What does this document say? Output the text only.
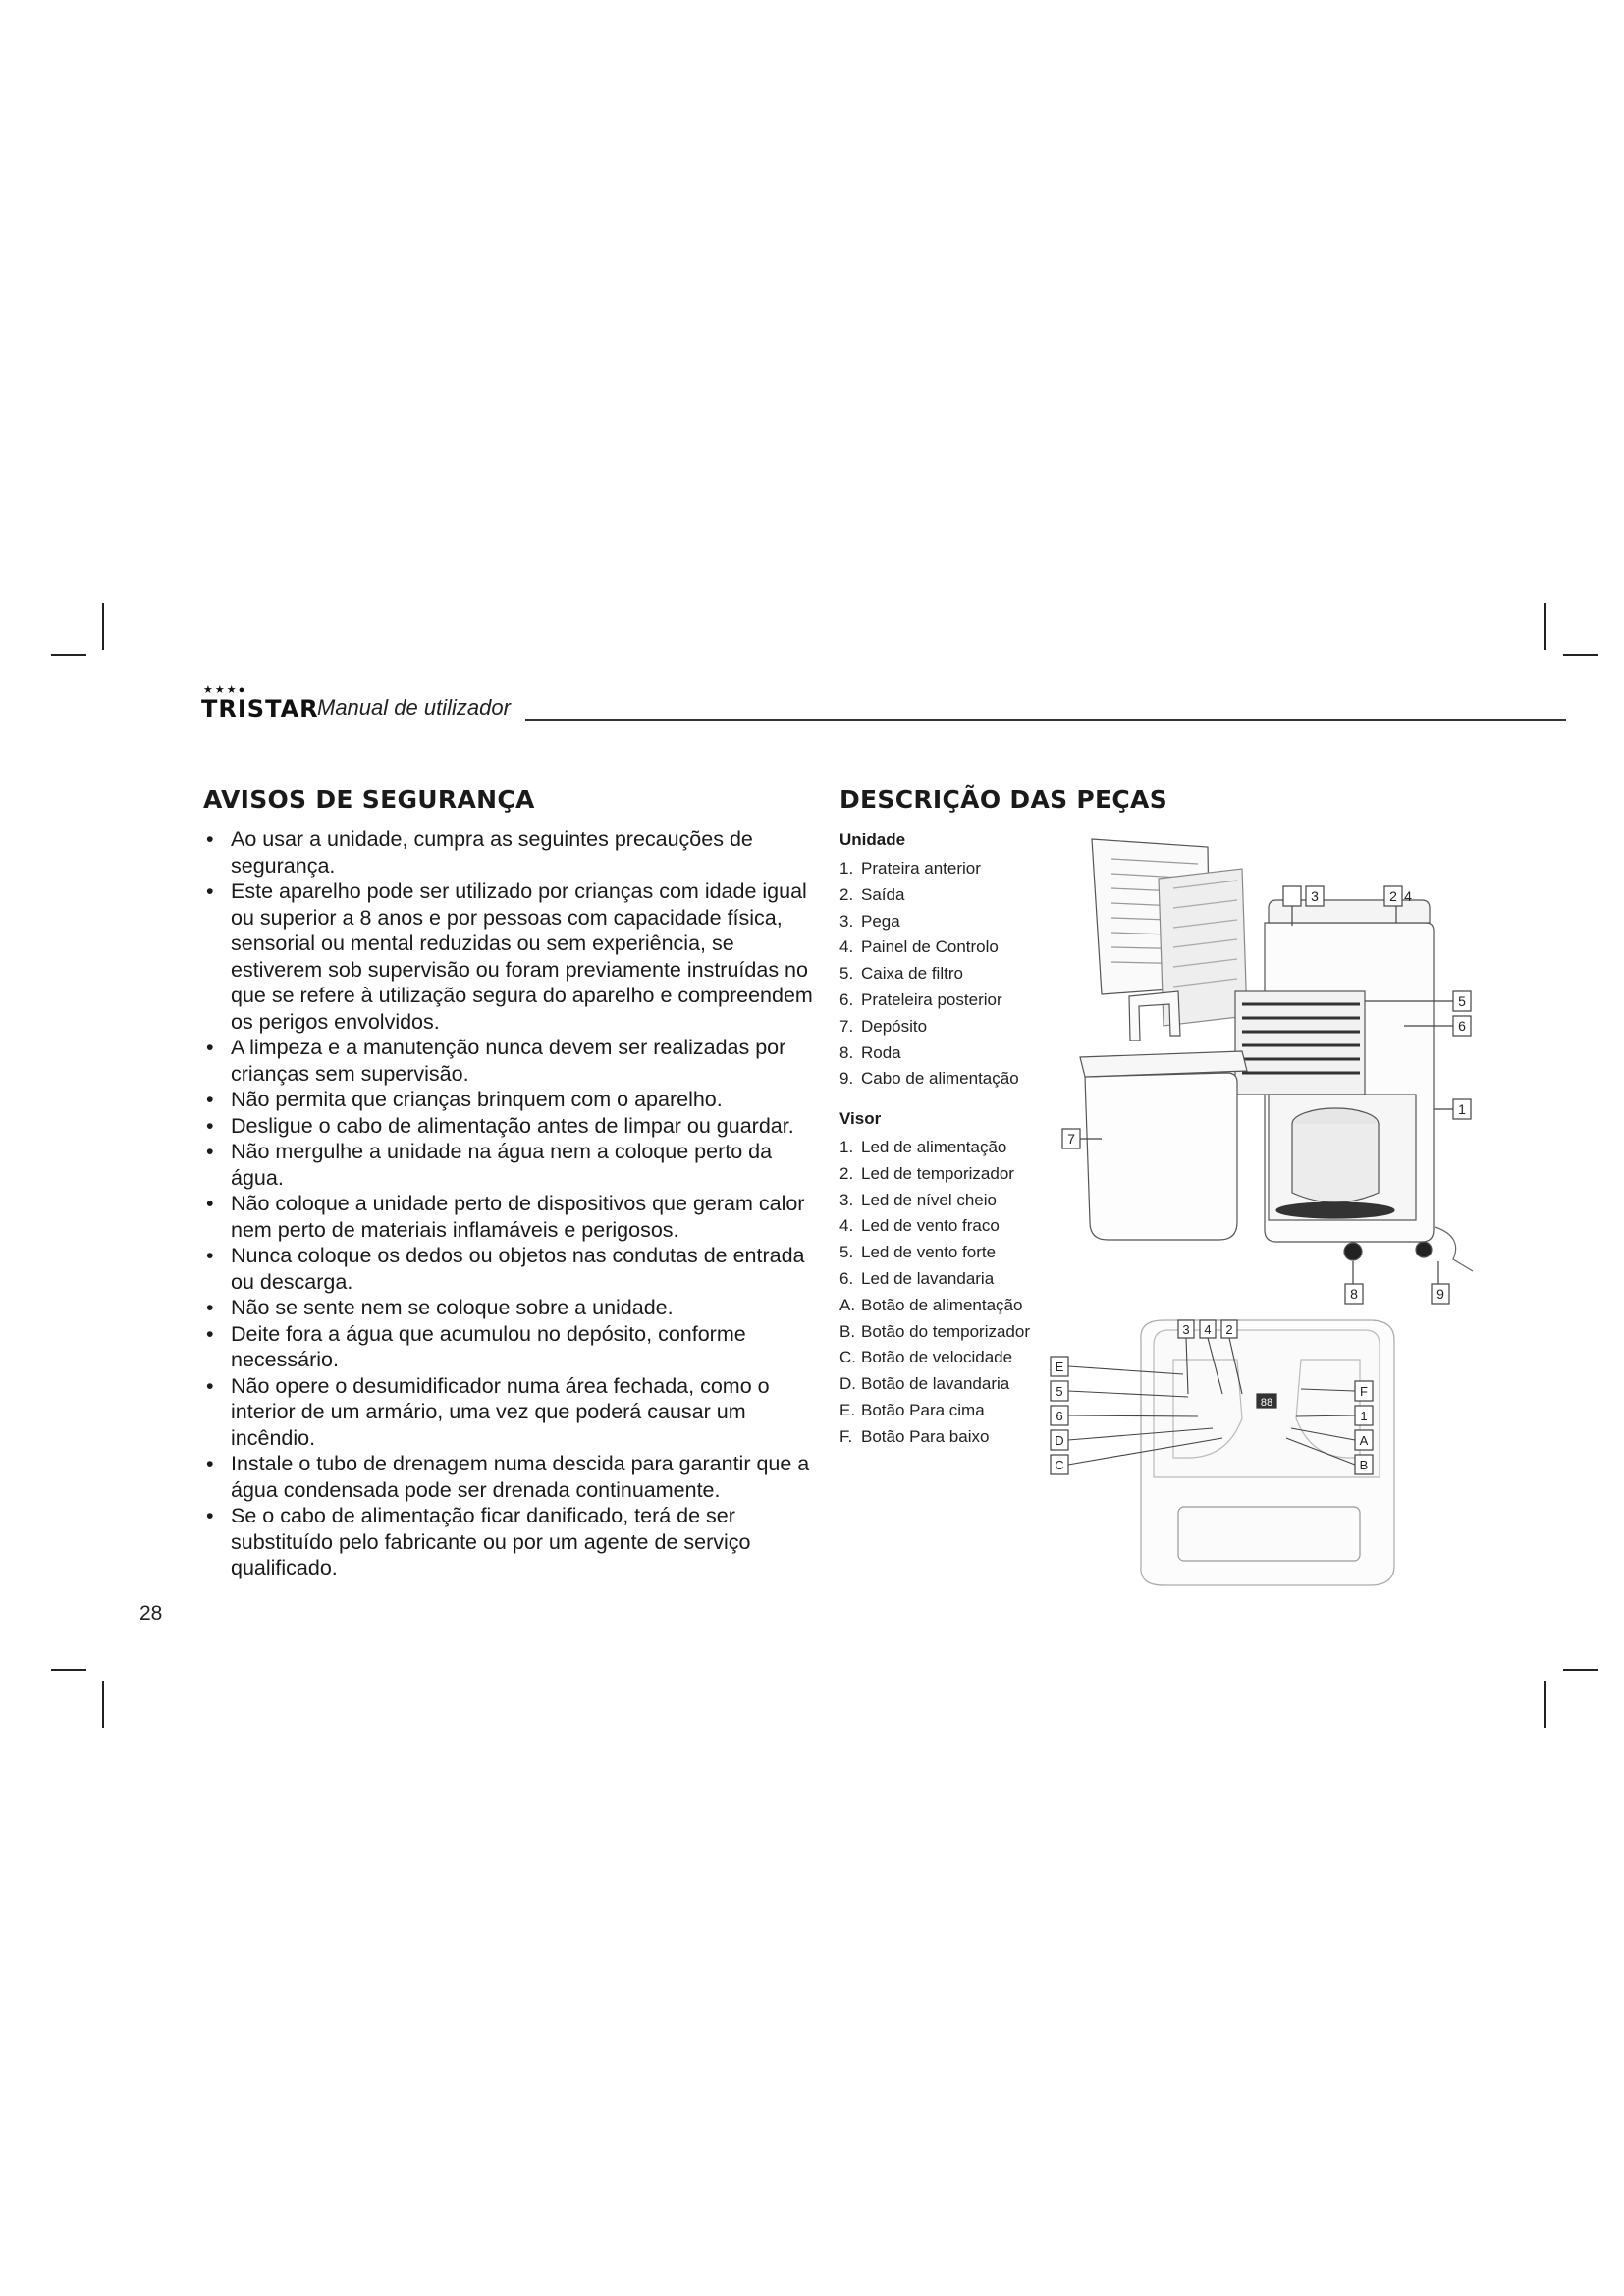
★★★●
TRISTAR
Manual de utilizador
AVISOS DE SEGURANÇA
• Ao usar a unidade, cumpra as seguintes precauções de segurança.
• Este aparelho pode ser utilizado por crianças com idade igual ou superior a 8 anos e por pessoas com capacidade física, sensorial ou mental reduzidas ou sem experiência, se estiverem sob supervisão ou foram previamente instruídas no que se refere à utilização segura do aparelho e compreendem os perigos envolvidos.
• A limpeza e a manutenção nunca devem ser realizadas por crianças sem supervisão.
• Não permita que crianças brinquem com o aparelho.
• Desligue o cabo de alimentação antes de limpar ou guardar.
• Não mergulhe a unidade na água nem a coloque perto da água.
• Não coloque a unidade perto de dispositivos que geram calor nem perto de materiais inflamáveis e perigosos.
• Nunca coloque os dedos ou objetos nas condutas de entrada ou descarga.
• Não se sente nem se coloque sobre a unidade.
• Deite fora a água que acumulou no depósito, conforme necessário.
• Não opere o desumidificador numa área fechada, como o interior de um armário, uma vez que poderá causar um incêndio.
• Instale o tubo de drenagem numa descida para garantir que a água condensada pode ser drenada continuamente.
• Se o cabo de alimentação ficar danificado, terá de ser substituído pelo fabricante ou por um agente de serviço qualificado.
DESCRIÇÃO DAS PEÇAS
Unidade
1. Prateira anterior
2. Saída
3. Pega
4. Painel de Controlo
5. Caixa de filtro
6. Prateleira posterior
7. Depósito
8. Roda
9. Cabo de alimentação
Visor
1. Led de alimentação
2. Led de temporizador
3. Led de nível cheio
4. Led de vento fraco
5. Led de vento forte
6. Led de lavandaria
A. Botão de alimentação
B. Botão do temporizador
C. Botão de velocidade
D. Botão de lavandaria
E. Botão Para cima
F. Botão Para baixo
3	2 4
5
6
1
7
8	9
88
3 4 2
E
5
6
D
C
F
1
A
B
28
